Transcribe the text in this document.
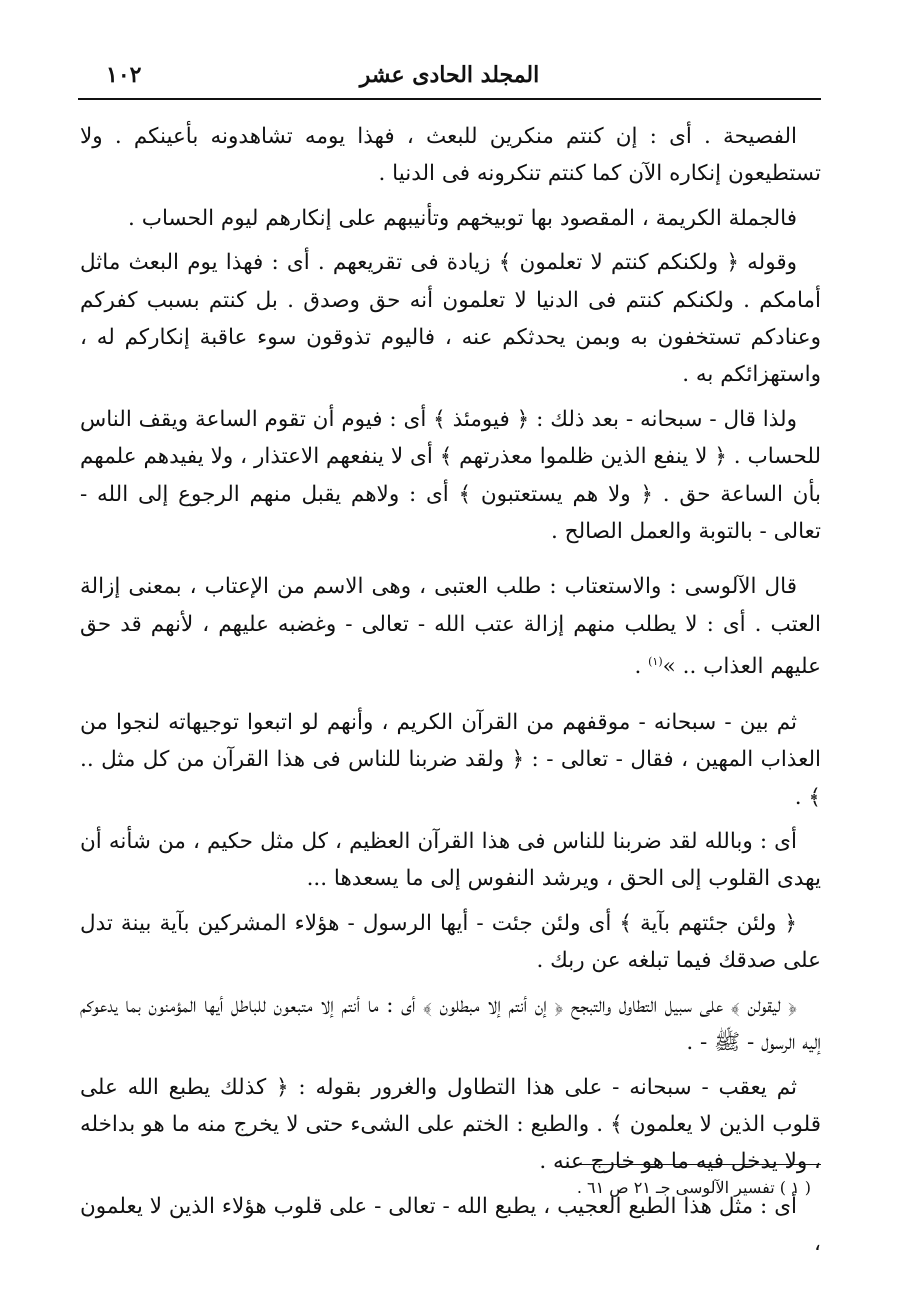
١٠٢	المجلد الحادى عشر

الفصيحة . أى : إن كنتم منكرين للبعث ، فهذا يومه تشاهدونه بأعينكم . ولا تستطيعون إنكاره الآن كما كنتم تنكرونه فى الدنيا .

فالجملة الكريمة ، المقصود بها توبيخهم وتأنيبهم على إنكارهم ليوم الحساب .

وقوله ﴿ ولكنكم كنتم لا تعلمون ﴾ زيادة فى تقريعهم . أى : فهذا يوم البعث ماثل أمامكم . ولكنكم كنتم فى الدنيا لا تعلمون أنه حق وصدق . بل كنتم بسبب كفركم وعنادكم تستخفون به وبمن يحدثكم عنه ، فاليوم تذوقون سوء عاقبة إنكاركم له ، واستهزائكم به .

ولذا قال - سبحانه - بعد ذلك : ﴿ فيومئذ ﴾ أى : فيوم أن تقوم الساعة ويقف الناس للحساب . ﴿ لا ينفع الذين ظلموا معذرتهم ﴾ أى لا ينفعهم الاعتذار ، ولا يفيدهم علمهم بأن الساعة حق . ﴿ ولا هم يستعتبون ﴾ أى : ولاهم يقبل منهم الرجوع إلى الله - تعالى - بالتوبة والعمل الصالح .

قال الآلوسى : والاستعتاب : طلب العتبى ، وهى الاسم من الإعتاب ، بمعنى إزالة العتب . أى : لا يطلب منهم إزالة عتب الله - تعالى - وغضبه عليهم ، لأنهم قد حق عليهم العذاب .. »$^{(١)}$ .

ثم بين - سبحانه - موقفهم من القرآن الكريم ، وأنهم لو اتبعوا توجيهاته لنجوا من العذاب المهين ، فقال - تعالى - : ﴿ ولقد ضربنا للناس فى هذا القرآن من كل مثل .. ﴾ .

أى : وبالله لقد ضربنا للناس فى هذا القرآن العظيم ، كل مثل حكيم ، من شأنه أن يهدى القلوب إلى الحق ، ويرشد النفوس إلى ما يسعدها ...

﴿ ولئن جئتهم بآية ﴾ أى ولئن جئت - أيها الرسول - هؤلاء المشركين بآية بينة تدل على صدقك فيما تبلغه عن ربك .

﴿ ليقولن ﴾ على سبيل التطاول والتبجح ﴿ إن أنتم إلا مبطلون ﴾ أى : ما أنتم إلا متبعون للباطل أيها المؤمنون بما يدعوكم إليه الرسول - ﷺ - .

ثم يعقب - سبحانه - على هذا التطاول والغرور بقوله : ﴿ كذلك يطبع الله على قلوب الذين لا يعلمون ﴾ . والطبع : الختم على الشىء حتى لا يخرج منه ما هو بداخله ، ولا يدخل فيه ما هو خارج عنه .

أى : مثل هذا الطبع العجيب ، يطبع الله - تعالى - على قلوب هؤلاء الذين لا يعلمون ،

( ١ ) تفسير الآلوسى جـ ٢١ ص ٦١ .
